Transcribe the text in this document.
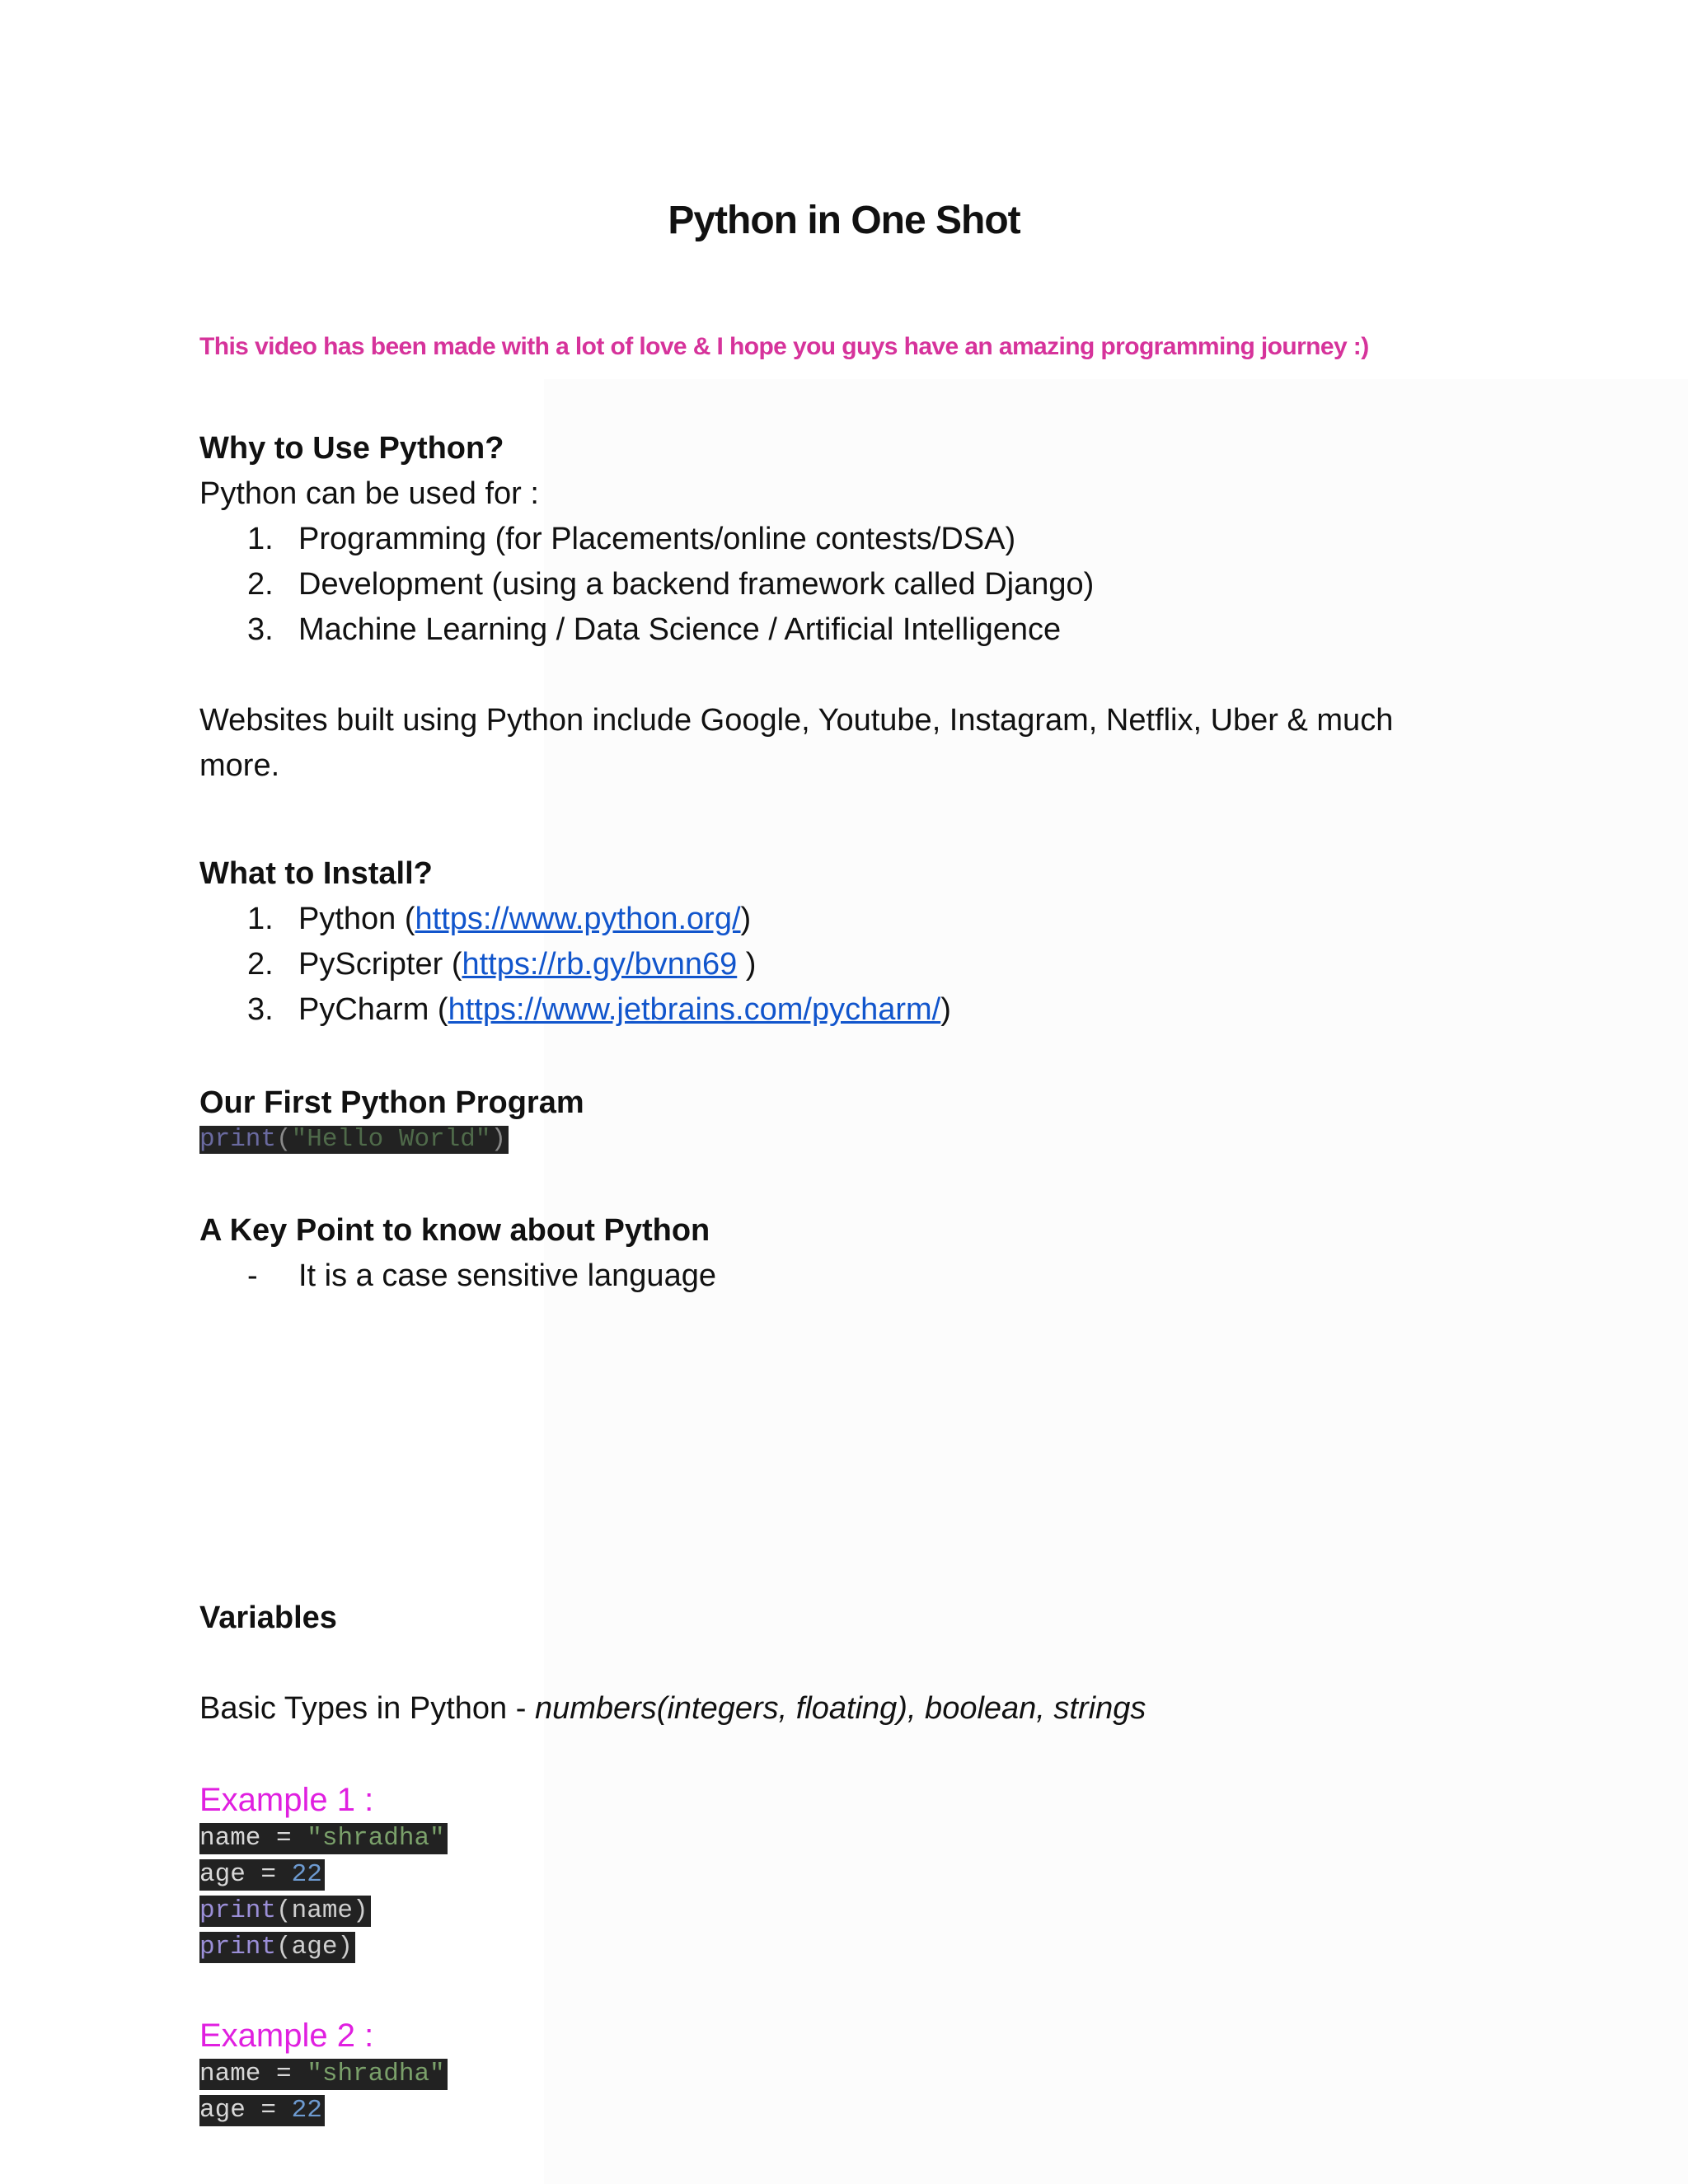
Python in One Shot
This video has been made with a lot of love & I hope you guys have an amazing programming journey :)

Why to Use Python?

Python can be used for :

1. Programming (for Placements/online contests/DSA)
2. Development (using a backend framework called Django)
3. Machine Learning / Data Science / Artificial Intelligence

Websites built using Python include Google, Youtube, Instagram, Netflix, Uber & much

more.

What to Install?

1. Python (https://www.python.org/)
2. PyScripter (https://rb.gy/bvnn69 )
3. PyCharm (https://www.jetbrains.com/pycharm/)

Our First Python Program

print("Hello World")

A Key Point to know about Python

- It is a case sensitive language

Variables

Basic Types in Python - numbers(integers, floating), boolean, strings

Example 1 :

name = "shradha"
age = 22
print(name)
print(age)

Example 2 :

name = "shradha"
age = 22
